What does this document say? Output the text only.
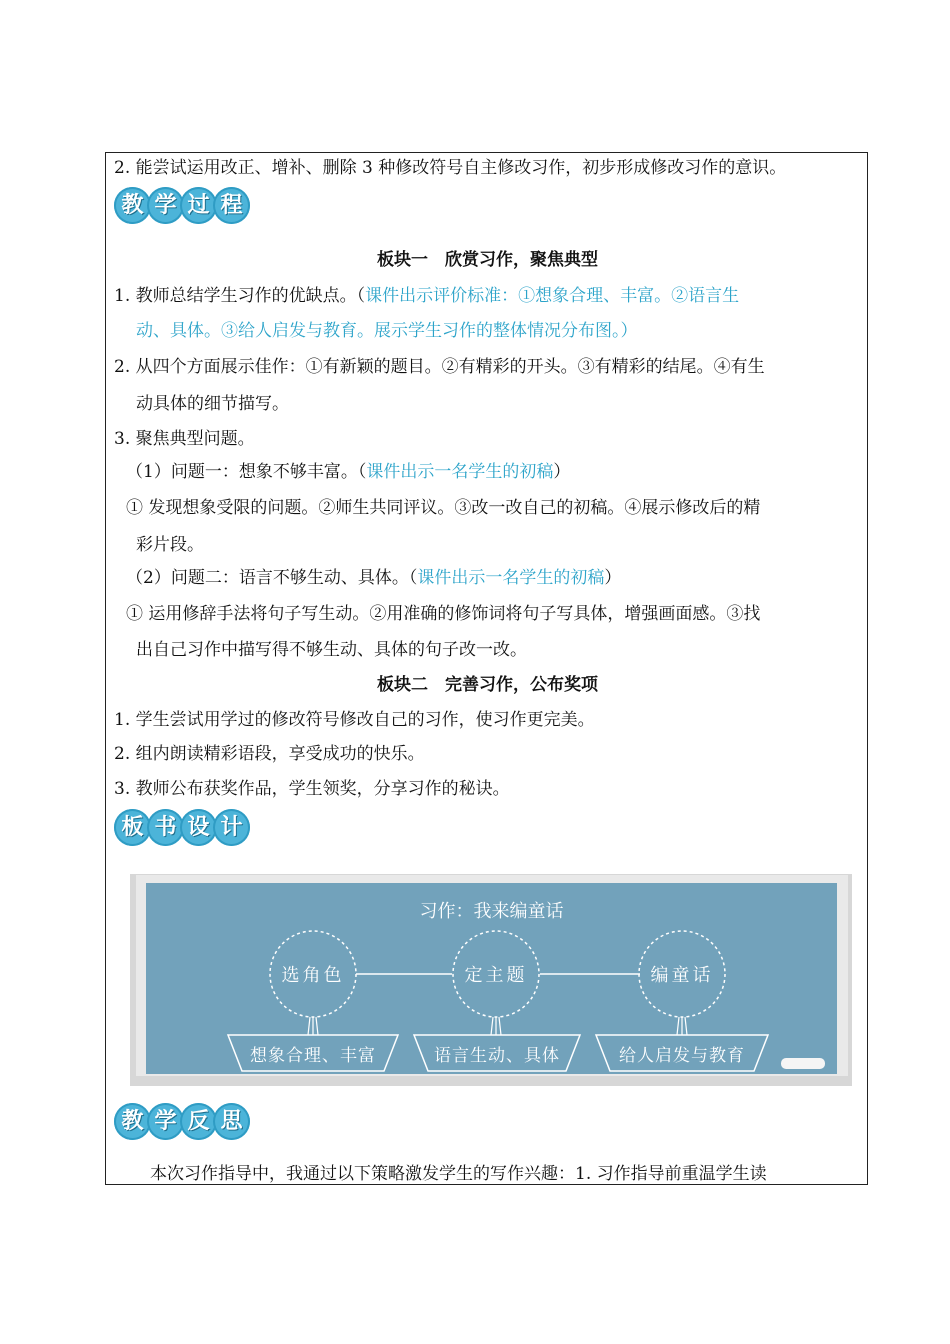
2. 能尝试运用改正、增补、删除 3 种修改符号自主修改习作，初步形成修改习作的意识。
教 学 过 程
板块一　欣赏习作，聚焦典型
1. 教师总结学生习作的优缺点。（课件出示评价标准：①想象合理、丰富。②语言生
动、具体。③给人启发与教育。展示学生习作的整体情况分布图。）
2. 从四个方面展示佳作：①有新颖的题目。②有精彩的开头。③有精彩的结尾。④有生
动具体的细节描写。
3. 聚焦典型问题。
（1）问题一：想象不够丰富。（课件出示一名学生的初稿）
① 发现想象受限的问题。②师生共同评议。③改一改自己的初稿。④展示修改后的精
彩片段。
（2）问题二：语言不够生动、具体。（课件出示一名学生的初稿）
① 运用修辞手法将句子写生动。②用准确的修饰词将句子写具体，增强画面感。③找
出自己习作中描写得不够生动、具体的句子改一改。
板块二　完善习作，公布奖项
1. 学生尝试用学过的修改符号修改自己的习作，使习作更完美。
2. 组内朗读精彩语段，享受成功的快乐。
3. 教师公布获奖作品，学生领奖，分享习作的秘诀。
板 书 设 计
习作：我来编童话
选角色	定主题	编童话
想象合理、丰富	语言生动、具体	给人启发与教育
教 学 反 思
本次习作指导中，我通过以下策略激发学生的写作兴趣：1. 习作指导前重温学生读
